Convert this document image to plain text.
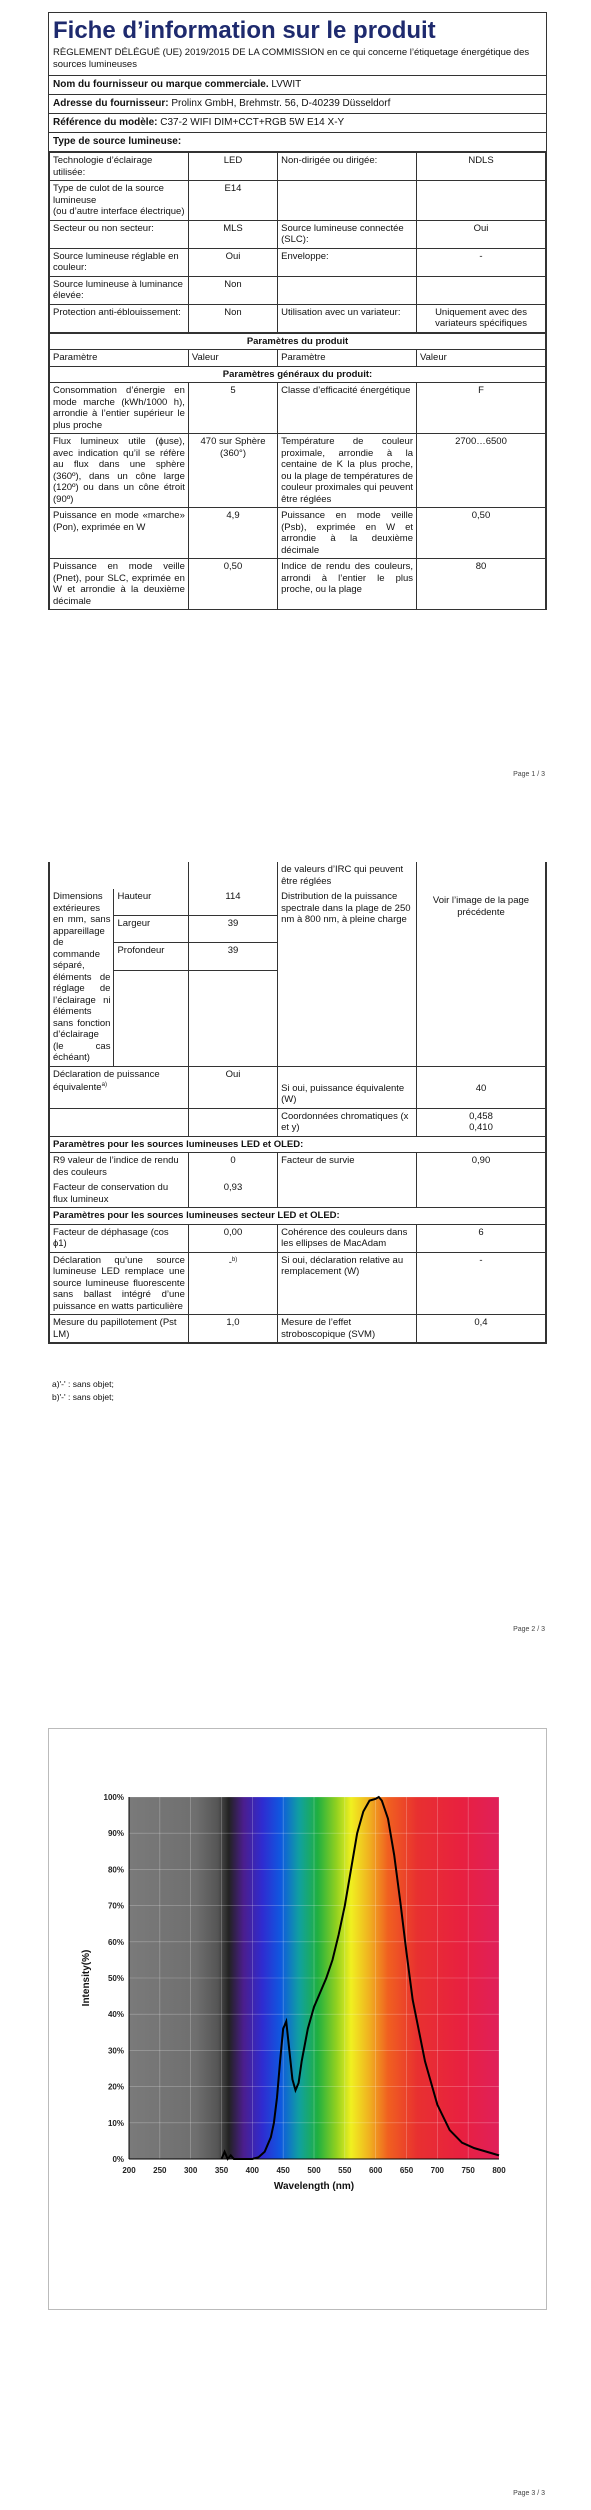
Fiche d’information sur le produit
RÈGLEMENT DÉLÉGUÉ (UE) 2019/2015 DE LA COMMISSION en ce qui concerne l’étiquetage énergétique des sources lumineuses
Nom du fournisseur ou marque commerciale. LVWIT
Adresse du fournisseur: Prolinx GmbH, Brehmstr. 56, D-40239 Düsseldorf
Référence du modèle: C37-2 WIFI DIM+CCT+RGB 5W E14 X-Y
Type de source lumineuse:
Technologie d’éclairage utilisée:	LED	Non-dirigée ou dirigée:	NDLS
Type de culot de la source lumineuse
(ou d’autre interface électrique)	E14		
Secteur ou non secteur:	MLS	Source lumineuse connectée (SLC):	Oui
Source lumineuse réglable en couleur:	Oui	Enveloppe:	-
Source lumineuse à luminance élevée:	Non		
Protection anti-éblouissement:	Non	Utilisation avec un variateur:	Uniquement avec des variateurs spécifiques
Paramètres du produit			
Paramètre	Valeur	Paramètre	Valeur
Paramètres généraux du produit:			
Consommation d’énergie en mode marche (kWh/1000 h), arrondie à l’entier supérieur le plus proche	5	Classe d’efficacité énergétique	F
Flux lumineux utile (ɸuse), avec indication qu’il se réfère au flux dans une sphère (360º), dans un cône large (120º) ou dans un cône étroit (90º)	470 sur Sphère (360°)	Température de couleur proximale, arrondie à la centaine de K la plus proche, ou la plage de températures de couleur proximales qui peuvent être réglées	2700…6500
Puissance en mode «marche» (Pon), exprimée en W	4,9	Puissance en mode veille (Psb), exprimée en W et arrondie à la deuxième décimale	0,50
Puissance en mode veille (Pnet), pour SLC, exprimée en W et arrondie à la deuxième décimale	0,50	Indice de rendu des couleurs, arrondi à l’entier le plus proche, ou la plage	80
Page 1 / 3
			de valeurs d’IRC qui peuvent être réglées	
Dimensions extérieures en mm, sans appareillage de commande séparé, éléments de réglage de l’éclairage ni éléments sans fonction d’éclairage (le cas échéant)	Hauteur	114	Distribution de la puissance spectrale dans la plage de 250 nm à 800 nm, à pleine charge	Voir l’image de la page précédente
	Largeur	39		
	Profondeur	39		

Déclaration de puissance équivalente$^{a)}$		Oui	Si oui, puissance équivalente (W)	40
			Coordonnées chromatiques (x et y)	0,458
0,410

Paramètres pour les sources lumineuses LED et OLED:				
R9 valeur de l’indice de rendu des couleurs		0	Facteur de survie	0,90
Facteur de conservation du flux lumineux		0,93		
Paramètres pour les sources lumineuses secteur LED et OLED:				
Facteur de déphasage (cos ɸ1)		0,00	Cohérence des couleurs dans les ellipses de MacAdam	6
Déclaration qu’une source lumineuse LED remplace une source lumineuse fluorescente sans ballast intégré d’une puissance en watts particulière		-$^{b)}$	Si oui, déclaration relative au remplacement (W)	-
Mesure du papillotement (Pst LM)		1,0	Mesure de l’effet stroboscopique (SVM)	0,4
a)'-' : sans objet;
b)'-' : sans objet;
Page 2 / 3
0%
10%
20%
30%
40%
50%
60%
70%
80%
90%
100%
200 250 300 350 400 450 500 550 600 650 700 750 800
Wavelength (nm)
Intensity(%)
Page 3 / 3
